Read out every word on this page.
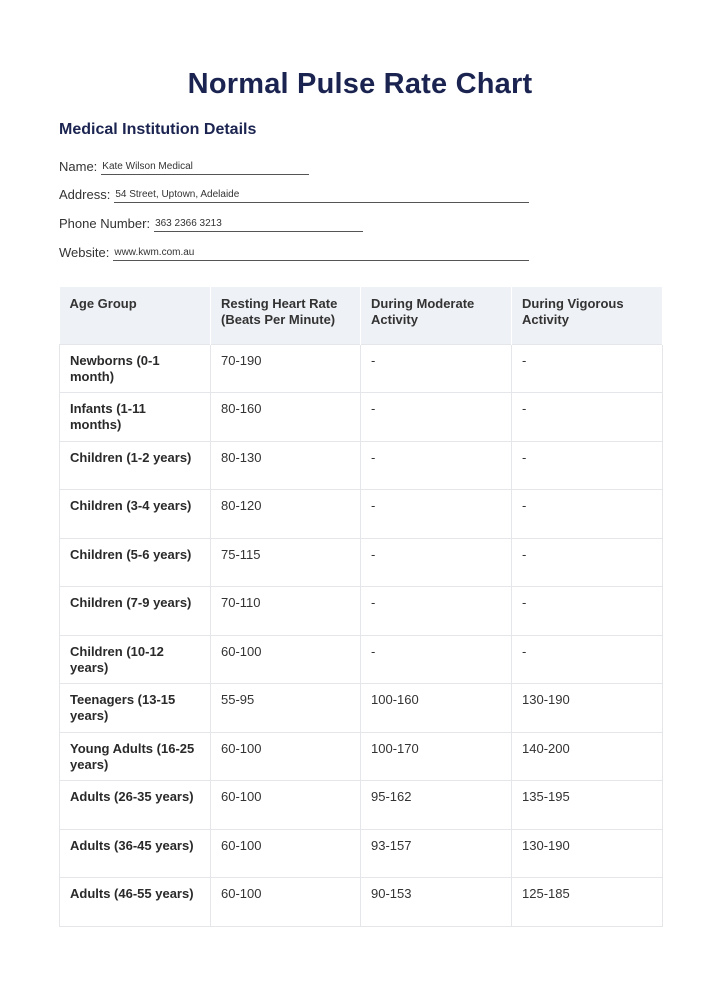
Normal Pulse Rate Chart
Medical Institution Details
Name: Kate Wilson Medical
Address: 54 Street, Uptown, Adelaide
Phone Number: 363 2366 3213
Website: www.kwm.com.au
Age Group	Resting Heart Rate (Beats Per Minute)	During Moderate Activity	During Vigorous Activity
Newborns (0-1 month)	70-190	-	-
Infants (1-11 months)	80-160	-	-
Children (1-2 years)	80-130	-	-
Children (3-4 years)	80-120	-	-
Children (5-6 years)	75-115	-	-
Children (7-9 years)	70-110	-	-
Children (10-12 years)	60-100	-	-
Teenagers (13-15 years)	55-95	100-160	130-190
Young Adults (16-25 years)	60-100	100-170	140-200
Adults (26-35 years)	60-100	95-162	135-195
Adults (36-45 years)	60-100	93-157	130-190
Adults (46-55 years)	60-100	90-153	125-185
